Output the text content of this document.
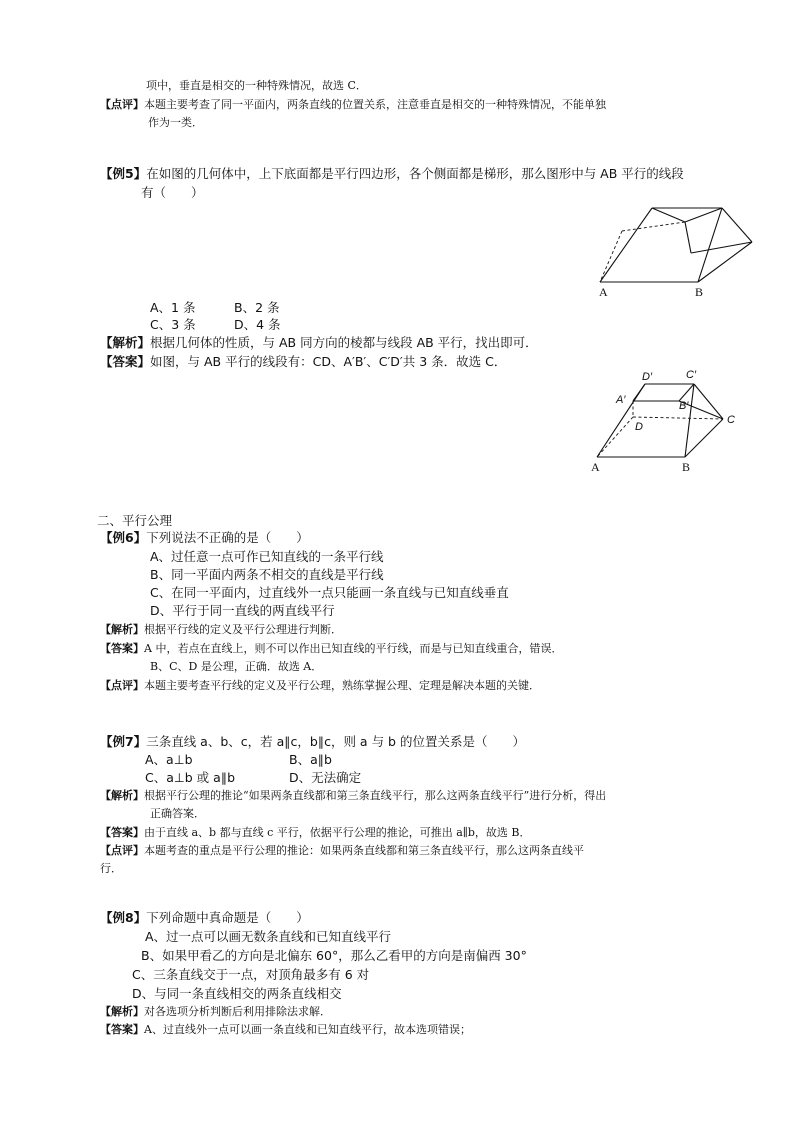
项中，垂直是相交的一种特殊情况，故选 C．
【点评】本题主要考查了同一平面内，两条直线的位置关系，注意垂直是相交的一种特殊情况，不能单独
作为一类．
【例5】在如图的几何体中，上下底面都是平行四边形，各个侧面都是梯形，那么图形中与 AB 平行的线段
有（　　）
A	B
A、1 条	B、2 条
C、3 条	D、4 条
【解析】根据几何体的性质，与 AB 同方向的棱都与线段 AB 平行，找出即可．
【答案】如图，与 AB 平行的线段有：CD、A′B′、C′D′共 3 条．故选 C．
D′	C′
A′	B′
D
C
A	B
二、平行公理
【例6】下列说法不正确的是（　　）
A、过任意一点可作已知直线的一条平行线
B、同一平面内两条不相交的直线是平行线
C、在同一平面内，过直线外一点只能画一条直线与已知直线垂直
D、平行于同一直线的两直线平行
【解析】根据平行线的定义及平行公理进行判断．
【答案】A 中，若点在直线上，则不可以作出已知直线的平行线，而是与已知直线重合，错误．
B、C、D 是公理，正确．故选 A．
【点评】本题主要考查平行线的定义及平行公理，熟练掌握公理、定理是解决本题的关键．
【例7】三条直线 a、b、c，若 a∥c，b∥c，则 a 与 b 的位置关系是（　　）
A、a⊥b	B、a∥b
C、a⊥b 或 a∥b	D、无法确定
【解析】根据平行公理的推论“如果两条直线都和第三条直线平行，那么这两条直线平行”进行分析，得出
正确答案．
【答案】由于直线 a、b 都与直线 c 平行，依据平行公理的推论，可推出 a∥b，故选 B．
【点评】本题考查的重点是平行公理的推论：如果两条直线都和第三条直线平行，那么这两条直线平
行．
【例8】下列命题中真命题是（　　）
A、过一点可以画无数条直线和已知直线平行
B、如果甲看乙的方向是北偏东 60°，那么乙看甲的方向是南偏西 30°
C、三条直线交于一点，对顶角最多有 6 对
D、与同一条直线相交的两条直线相交
【解析】对各选项分析判断后利用排除法求解．
【答案】A、过直线外一点可以画一条直线和已知直线平行，故本选项错误；
